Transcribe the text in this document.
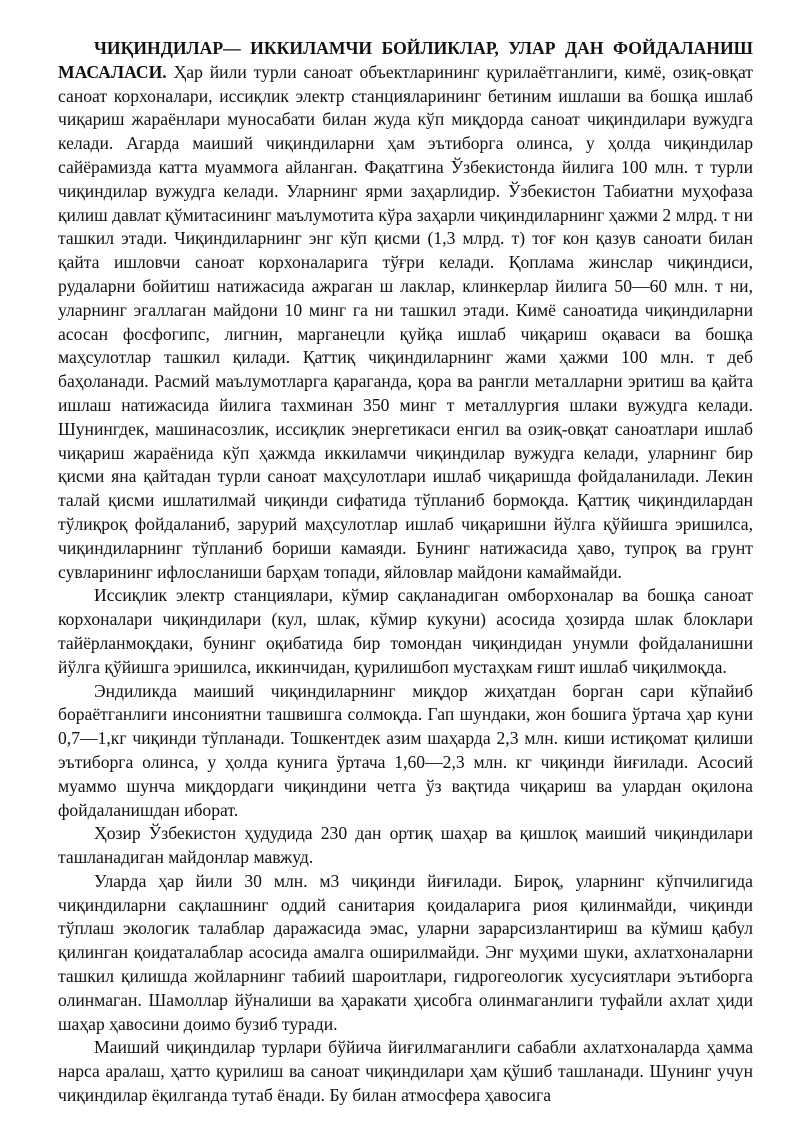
ЧИҚИНДИЛАР— ИККИЛАМЧИ БОЙЛИКЛАР, УЛАР ДАН ФОЙДАЛАНИШ МАСАЛАСИ. Ҳар йили турли саноат объектларининг қурилаётганлиги, кимё, озиқ-овқат саноат корхоналари, иссиқлик электр станцияларининг бетиним ишлаши ва бошқа ишлаб чиқариш жараёнлари муносабати билан жуда кўп миқдорда саноат чиқиндилари вужудга келади. Агарда маиший чиқиндиларни ҳам эътиборга олинса, у ҳолда чиқиндилар сайёрамизда катта муаммога айланган. Фақатгина Ўзбекистонда йилига 100 млн. т турли чиқиндилар вужудга келади. Уларнинг ярми заҳарлидир. Ўзбекистон Табиатни муҳофаза қилиш давлат қўмитасининг маълумотита кўра заҳарли чиқиндиларнинг ҳажми 2 млрд. т ни ташкил этади. Чиқиндиларнинг энг кўп қисми (1,3 млрд. т) тоғ кон қазув саноати билан қайта ишловчи саноат корхоналарига тўғри келади. Қоплама жинслар чиқиндиси, рудаларни бойитиш натижасида ажраган ш лаклар, клинкерлар йилига 50—60 млн. т ни, уларнинг эгаллаган майдони 10 минг га ни ташкил этади. Кимё саноатида чиқиндиларни асосан фосфогипс, лигнин, марганецли қуйқа ишлаб чиқариш оқаваси ва бошқа маҳсулотлар ташкил қилади. Қаттиқ чиқиндиларнинг жами ҳажми 100 млн. т деб баҳоланади. Расмий маълумотларга қараганда, қора ва рангли металларни эритиш ва қайта ишлаш натижасида йилига тахминан 350 минг т металлургия шлаки вужудга келади. Шунингдек, машинасозлик, иссиқлик энергетикаси енгил ва озиқ-овқат саноатлари ишлаб чиқариш жараёнида кўп ҳажмда иккиламчи чиқиндилар вужудга келади, уларнинг бир қисми яна қайтадан турли саноат маҳсулотлари ишлаб чиқаришда фойдаланилади. Лекин талай қисми ишлатилмай чиқинди сифатида тўпланиб бормоқда. Қаттиқ чиқиндилардан тўлиқроқ фойдаланиб, зарурий маҳсулотлар ишлаб чиқаришни йўлга қўйишга эришилса, чиқиндиларнинг тўпланиб бориши камаяди. Бунинг натижасида ҳаво, тупроқ ва грунт сувларининг ифлосланиши барҳам топади, яйловлар майдони камаймайди.

Иссиқлик электр станциялари, кўмир сақланадиган омборхоналар ва бошқа саноат корхоналари чиқиндилари (кул, шлак, кўмир кукуни) асосида ҳозирда шлак блоклари тайёрланмоқдаки, бунинг оқибатида бир томондан чиқиндидан унумли фойдаланишни йўлга қўйишга эришилса, иккинчидан, қурилишбоп мустаҳкам ғишт ишлаб чиқилмоқда.

Эндиликда маиший чиқиндиларнинг миқдор жиҳатдан борган сари кўпайиб бораётганлиги инсониятни ташвишга солмоқда. Гап шундаки, жон бошига ўртача ҳар куни 0,7—1,кг чиқинди тўпланади. Тошкентдек азим шаҳарда 2,3 млн. киши истиқомат қилиши эътиборга олинса, у ҳолда кунига ўртача 1,60—2,3 млн. кг чиқинди йиғилади. Асосий муаммо шунча миқдордаги чиқиндини четга ўз вақтида чиқариш ва улардан оқилона фойдаланишдан иборат.

Ҳозир Ўзбекистон ҳудудида 230 дан ортиқ шаҳар ва қишлоқ маиший чиқиндилари ташланадиган майдонлар мавжуд.

Уларда ҳар йили 30 млн. м3 чиқинди йиғилади. Бироқ, уларнинг кўпчилигида чиқиндиларни сақлашнинг оддий санитария қоидаларига риоя қилинмайди, чиқинди тўплаш экологик талаблар даражасида эмас, уларни зарарсизлантириш ва кўмиш қабул қилинган қоидаталаблар асосида амалга оширилмайди. Энг муҳими шуки, ахлатхоналарни ташкил қилишда жойларнинг табиий шароитлари, гидрогеологик хусусиятлари эътиборга олинмаган. Шамоллар йўналиши ва ҳаракати ҳисобга олинмаганлиги туфайли ахлат ҳиди шаҳар ҳавосини доимо бузиб туради.

Маиший чиқиндилар турлари бўйича йиғилмаганлиги сабабли ахлатхоналарда ҳамма нарса аралаш, ҳатто қурилиш ва саноат чиқиндилари ҳам қўшиб ташланади. Шунинг учун чиқиндилар ёқилганда тутаб ёнади. Бу билан атмосфера ҳавосига
